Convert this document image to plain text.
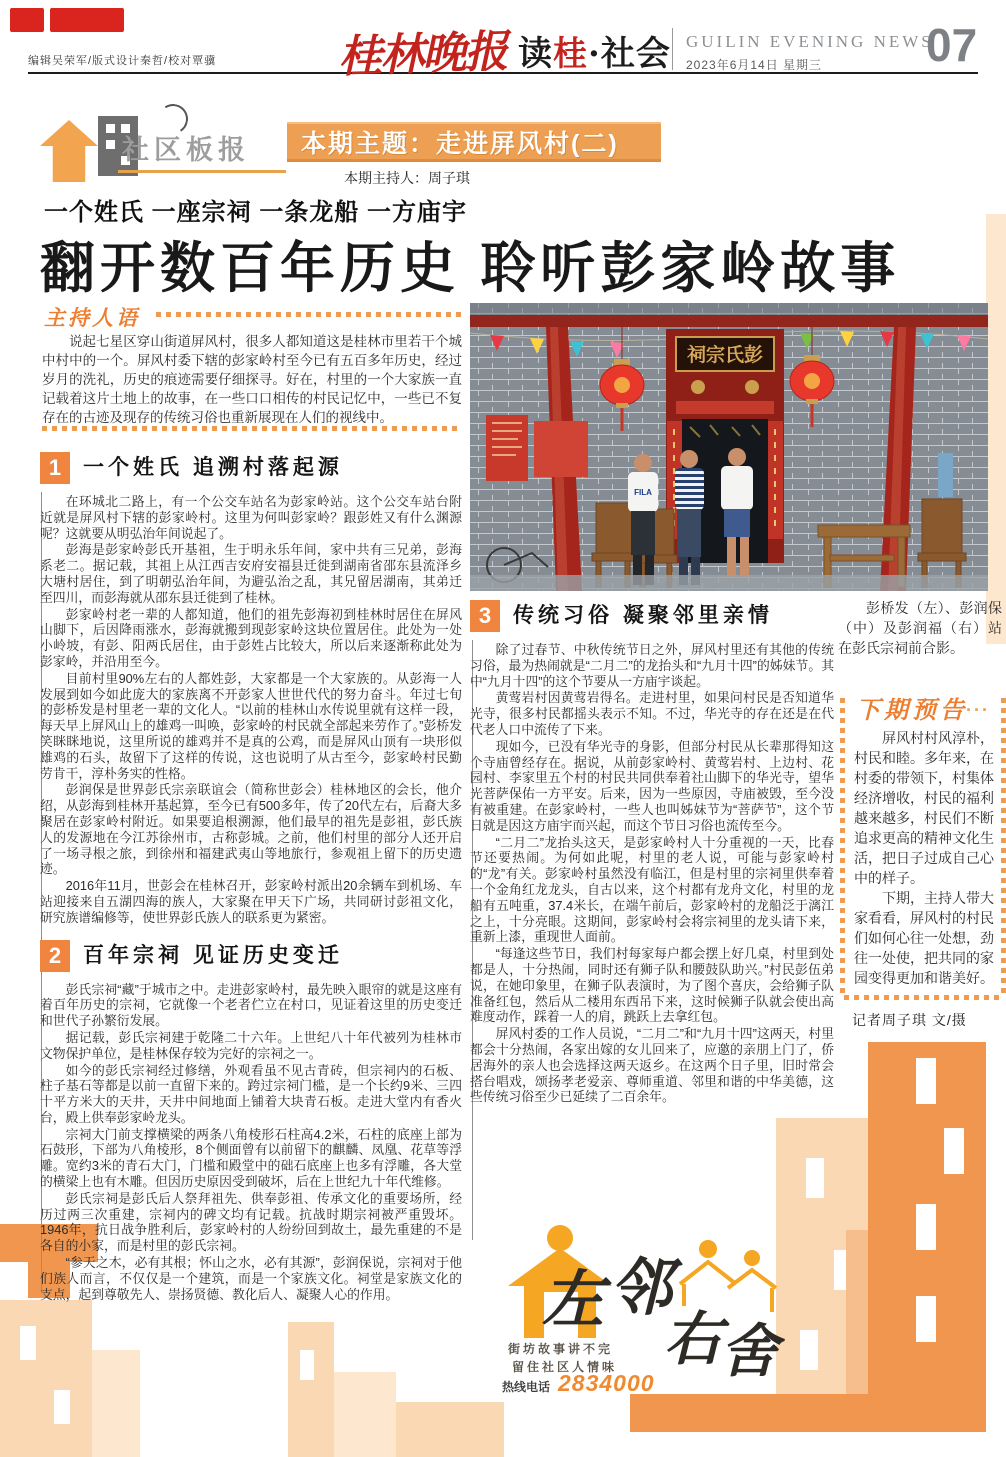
编辑吴荣军/版式设计秦哲/校对覃骥	桂林晚报 读桂·社会 GUILIN EVENING NEWS
2023年6月14日 星期三 07
社区板报 本期主题：走进屏风村(二)
本期主持人：周子琪
一个姓氏 一座宗祠 一条龙船 一方庙宇
翻开数百年历史 聆听彭家岭故事
主持人语

说起七星区穿山街道屏风村，很多人都知道这是桂林市里若干个城中村中的一个。屏风村委下辖的彭家岭村至今已有五百多年历史，经过岁月的洗礼，历史的痕迹需要仔细探寻。好在，村里的一个大家族一直记载着这片土地上的故事，在一些口口相传的村民记忆中，一些已不复存在的古迹及现存的传统习俗也重新展现在人们的视线中。

祠宗氏彭
FILA
1	一个姓氏 追溯村落起源

在环城北二路上，有一个公交车站名为彭家岭站。这个公交车站台附近就是屏风村下辖的彭家岭村。这里为何叫彭家岭？跟彭姓又有什么渊源呢？这就要从明弘治年间说起了。

彭海是彭家岭彭氏开基祖，生于明永乐年间，家中共有三兄弟，彭海系老二。据记载，其祖上从江西吉安府安福县迁徙到湖南省邵东县流泽乡大塘村居住，到了明朝弘治年间，为避弘治之乱，其兄留居湖南，其弟迁至四川，而彭海就从邵东县迁徙到了桂林。

彭家岭村老一辈的人都知道，他们的祖先彭海初到桂林时居住在屏风山脚下，后因降雨涨水，彭海就搬到现彭家岭这块位置居住。此处为一处小岭坡，有彭、阳两氏居住，由于彭姓占比较大，所以后来逐渐称此处为彭家岭，并沿用至今。

目前村里90%左右的人都姓彭，大家都是一个大家族的。从彭海一人发展到如今如此庞大的家族离不开彭家人世世代代的努力奋斗。年过七旬的彭桥发是村里老一辈的文化人。“以前的桂林山水传说里就有这样一段，每天早上屏风山上的雄鸡一叫唤，彭家岭的村民就全部起来劳作了。”彭桥发笑眯眯地说，这里所说的雄鸡并不是真的公鸡，而是屏风山顶有一块形似雄鸡的石头，故留下了这样的传说，这也说明了从古至今，彭家岭村民勤劳肯干，淳朴务实的性格。

彭润保是世界彭氏宗亲联谊会（简称世彭会）桂林地区的会长，他介绍，从彭海到桂林开基起算，至今已有500多年，传了20代左右，后裔大多聚居在彭家岭村附近。如果要追根溯源，他们最早的祖先是彭祖，彭氏族人的发源地在今江苏徐州市，古称彭城。之前，他们村里的部分人还开启了一场寻根之旅，到徐州和福建武夷山等地旅行，参观祖上留下的历史遗迹。

2016年11月，世彭会在桂林召开，彭家岭村派出20余辆车到机场、车站迎接来自五湖四海的族人，大家聚在甲天下广场，共同研讨彭祖文化，研究族谱编修等，使世界彭氏族人的联系更为紧密。

2	百年宗祠 见证历史变迁

彭氏宗祠“藏”于城市之中。走进彭家岭村，最先映入眼帘的就是这座有着百年历史的宗祠，它就像一个老者伫立在村口，见证着这里的历史变迁和世代子孙繁衍发展。

据记载，彭氏宗祠建于乾隆二十六年。上世纪八十年代被列为桂林市文物保护单位，是桂林保存较为完好的宗祠之一。

如今的彭氏宗祠经过修缮，外观看虽不见古青砖，但宗祠内的石板、柱子基石等都是以前一直留下来的。跨过宗祠门槛，是一个长约9米、三四十平方米大的天井，天井中间地面上铺着大块青石板。走进大堂内有香火台，殿上供奉彭家岭龙头。

宗祠大门前支撑横梁的两条八角棱形石柱高4.2米，石柱的底座上部为石鼓形，下部为八角棱形，8个侧面曾有以前留下的麒麟、凤凰、花草等浮雕。宽约3米的青石大门，门槛和殿堂中的础石底座上也多有浮雕，各大堂的横梁上也有木雕。但因历史原因受到破坏，后在上世纪九十年代维修。

彭氏宗祠是彭氏后人祭拜祖先、供奉彭祖、传承文化的重要场所，经历过两三次重建，宗祠内的碑文均有记载。抗战时期宗祠被严重毁坏。1946年，抗日战争胜利后，彭家岭村的人纷纷回到故土，最先重建的不是各自的小家，而是村里的彭氏宗祠。

“参天之木，必有其根；怀山之水，必有其源”，彭润保说，宗祠对于他们族人而言，不仅仅是一个建筑，而是一个家族文化。祠堂是家族文化的支点，起到尊敬先人、崇扬贤德、教化后人、凝聚人心的作用。

3	传统习俗 凝聚邻里亲情

除了过春节、中秋传统节日之外，屏风村里还有其他的传统习俗，最为热闹就是“二月二”的龙抬头和“九月十四”的姊妹节。其中“九月十四”的这个节要从一方庙宇谈起。

黄莺岩村因黄莺岩得名。走进村里，如果问村民是否知道华光寺，很多村民都摇头表示不知。不过，华光寺的存在还是在代代老人口中流传了下来。

现如今，已没有华光寺的身影，但部分村民从长辈那得知这个寺庙曾经存在。据说，从前彭家岭村、黄莺岩村、上边村、花园村、李家里五个村的村民共同供奉着社山脚下的华光寺，望华光菩萨保佑一方平安。后来，因为一些原因，寺庙被毁，至今没有被重建。在彭家岭村，一些人也叫姊妹节为“菩萨节”，这个节日就是因这方庙宇而兴起，而这个节日习俗也流传至今。

“二月二”龙抬头这天，是彭家岭村人十分重视的一天，比春节还要热闹。为何如此呢，村里的老人说，可能与彭家岭村的“龙”有关。彭家岭村虽然没有临江，但是村里的宗祠里供奉着一个金角红龙龙头，自古以来，这个村都有龙舟文化，村里的龙船有五吨重，37.4米长，在端午前后，彭家岭村的龙船泛于漓江之上，十分亮眼。这期间，彭家岭村会将宗祠里的龙头请下来，重新上漆，重现世人面前。

“每逢这些节日，我们村每家每户都会摆上好几桌，村里到处都是人，十分热闹，同时还有狮子队和腰鼓队助兴。”村民彭伍弟说，在她印象里，在狮子队表演时，为了图个喜庆，会给狮子队准备红包，然后从二楼用东西吊下来，这时候狮子队就会使出高难度动作，踩着一人的肩，跳跃上去拿红包。

屏风村委的工作人员说，“二月二”和“九月十四”这两天，村里都会十分热闹，各家出嫁的女儿回来了，应邀的亲朋上门了，侨居海外的亲人也会选择这两天返乡。在这两个日子里，旧时常会搭台唱戏，颂扬孝老爱亲、尊师重道、邻里和谐的中华美德，这些传统习俗至少已延续了二百余年。

彭桥发（左）、彭润保（中）及彭润福（右）站在彭氏宗祠前合影。

下期预告
···

屏风村村风淳朴，村民和睦。多年来，在村委的带领下，村集体经济增收，村民的福利越来越多，村民们不断追求更高的精神文化生活，把日子过成自己心中的样子。

下期，主持人带大家看看，屏风村的村民们如何心往一处想，劲往一处使，把共同的家园变得更加和谐美好。

记者周子琪 文/摄
左 邻
右
舍
街坊故事讲不完
留住社区人情味
热线电话 2834000
